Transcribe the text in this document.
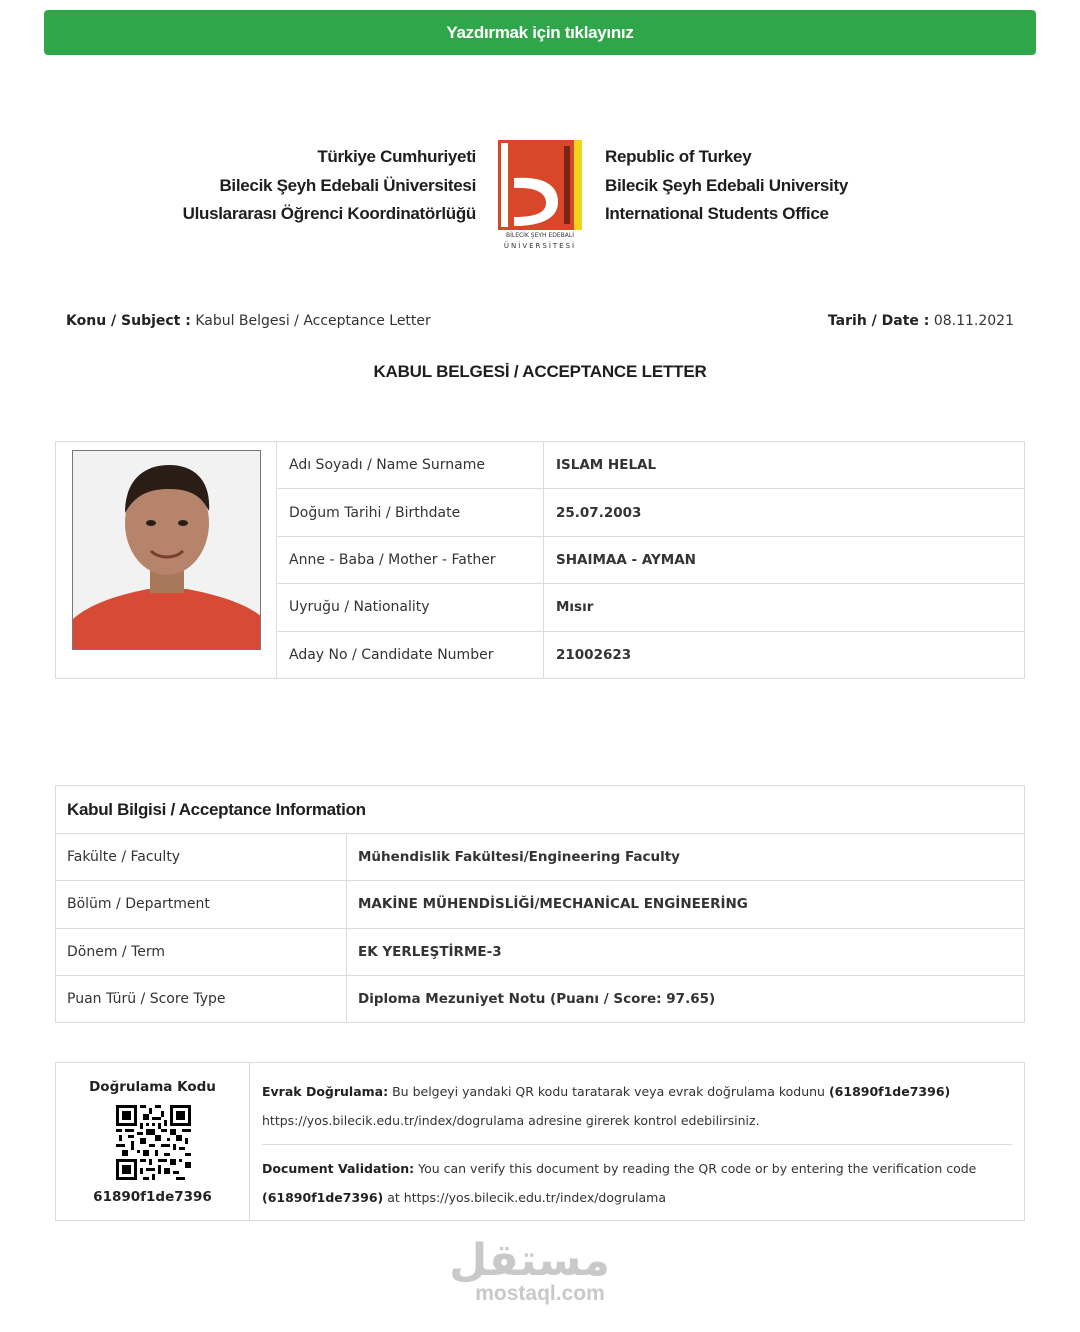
Yazdırmak için tıklayınız
Türkiye Cumhuriyeti
Bilecik Şeyh Edebali Üniversitesi
Uluslararası Öğrenci Koordinatörlüğü
BİLECİK ŞEYH EDEBALİ
ÜNİVERSİTESİ
Republic of Turkey
Bilecik Şeyh Edebali University
International Students Office
Konu / Subject : Kabul Belgesi / Acceptance Letter	Tarih / Date : 08.11.2021
KABUL BELGESİ / ACCEPTANCE LETTER
Adı Soyadı / Name Surname	ISLAM HELAL
Doğum Tarihi / Birthdate	25.07.2003
Anne - Baba / Mother - Father	SHAIMAA - AYMAN
Uyruğu / Nationality	Mısır
Aday No / Candidate Number	21002623
Kabul Bilgisi / Acceptance Information
Fakülte / Faculty	Mühendislik Fakültesi/Engineering Faculty
Bölüm / Department	MAKİNE MÜHENDİSLİĞİ/MECHANİCAL ENGİNEERİNG
Dönem / Term	EK YERLEŞTİRME-3
Puan Türü / Score Type	Diploma Mezuniyet Notu (Puanı / Score: 97.65)
Doğrulama Kodu
61890f1de7396
Evrak Doğrulama: Bu belgeyi yandaki QR kodu taratarak veya evrak doğrulama kodunu (61890f1de7396)
https://yos.bilecik.edu.tr/index/dogrulama adresine girerek kontrol edebilirsiniz.
Document Validation: You can verify this document by reading the QR code or by entering the verification code
(61890f1de7396) at https://yos.bilecik.edu.tr/index/dogrulama
مستقل
mostaql.com
